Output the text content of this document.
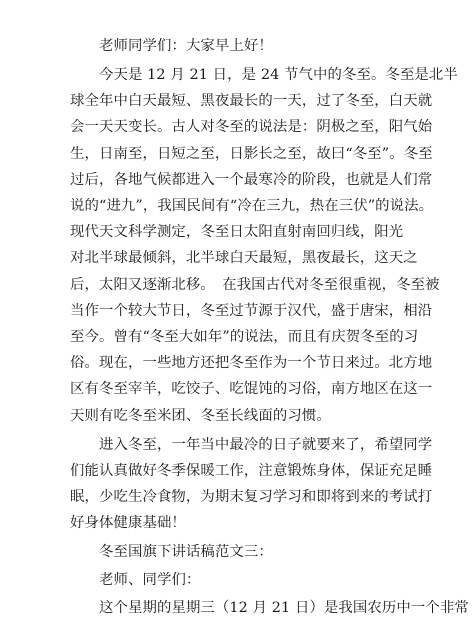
老师同学们：大家早上好！
今天是 12 月 21 日，是 24 节气中的冬至。冬至是北半
球全年中白天最短、黑夜最长的一天，过了冬至，白天就
会一天天变长。古人对冬至的说法是：阴极之至，阳气始
生，日南至，日短之至，日影长之至，故曰“冬至”。冬至
过后，各地气候都进入一个最寒冷的阶段，也就是人们常
说的“进九”，我国民间有“冷在三九，热在三伏”的说法。
现代天文科学测定，冬至日太阳直射南回归线，阳光
对北半球最倾斜，北半球白天最短，黑夜最长，这天之
后，太阳又逐渐北移。　在我国古代对冬至很重视，冬至被
当作一个较大节日，冬至过节源于汉代，盛于唐宋，相沿
至今。曾有“冬至大如年”的说法，而且有庆贺冬至的习
俗。现在，一些地方还把冬至作为一个节日来过。北方地
区有冬至宰羊，吃饺子、吃馄饨的习俗，南方地区在这一
天则有吃冬至米团、冬至长线面的习惯。
进入冬至，一年当中最冷的日子就要来了，希望同学
们能认真做好冬季保暖工作，注意锻炼身体，保证充足睡
眠，少吃生冷食物，为期末复习学习和即将到来的考试打
好身体健康基础！
冬至国旗下讲话稿范文三：
老师、同学们：
这个星期的星期三（12 月 21 日）是我国农历中一个非常
